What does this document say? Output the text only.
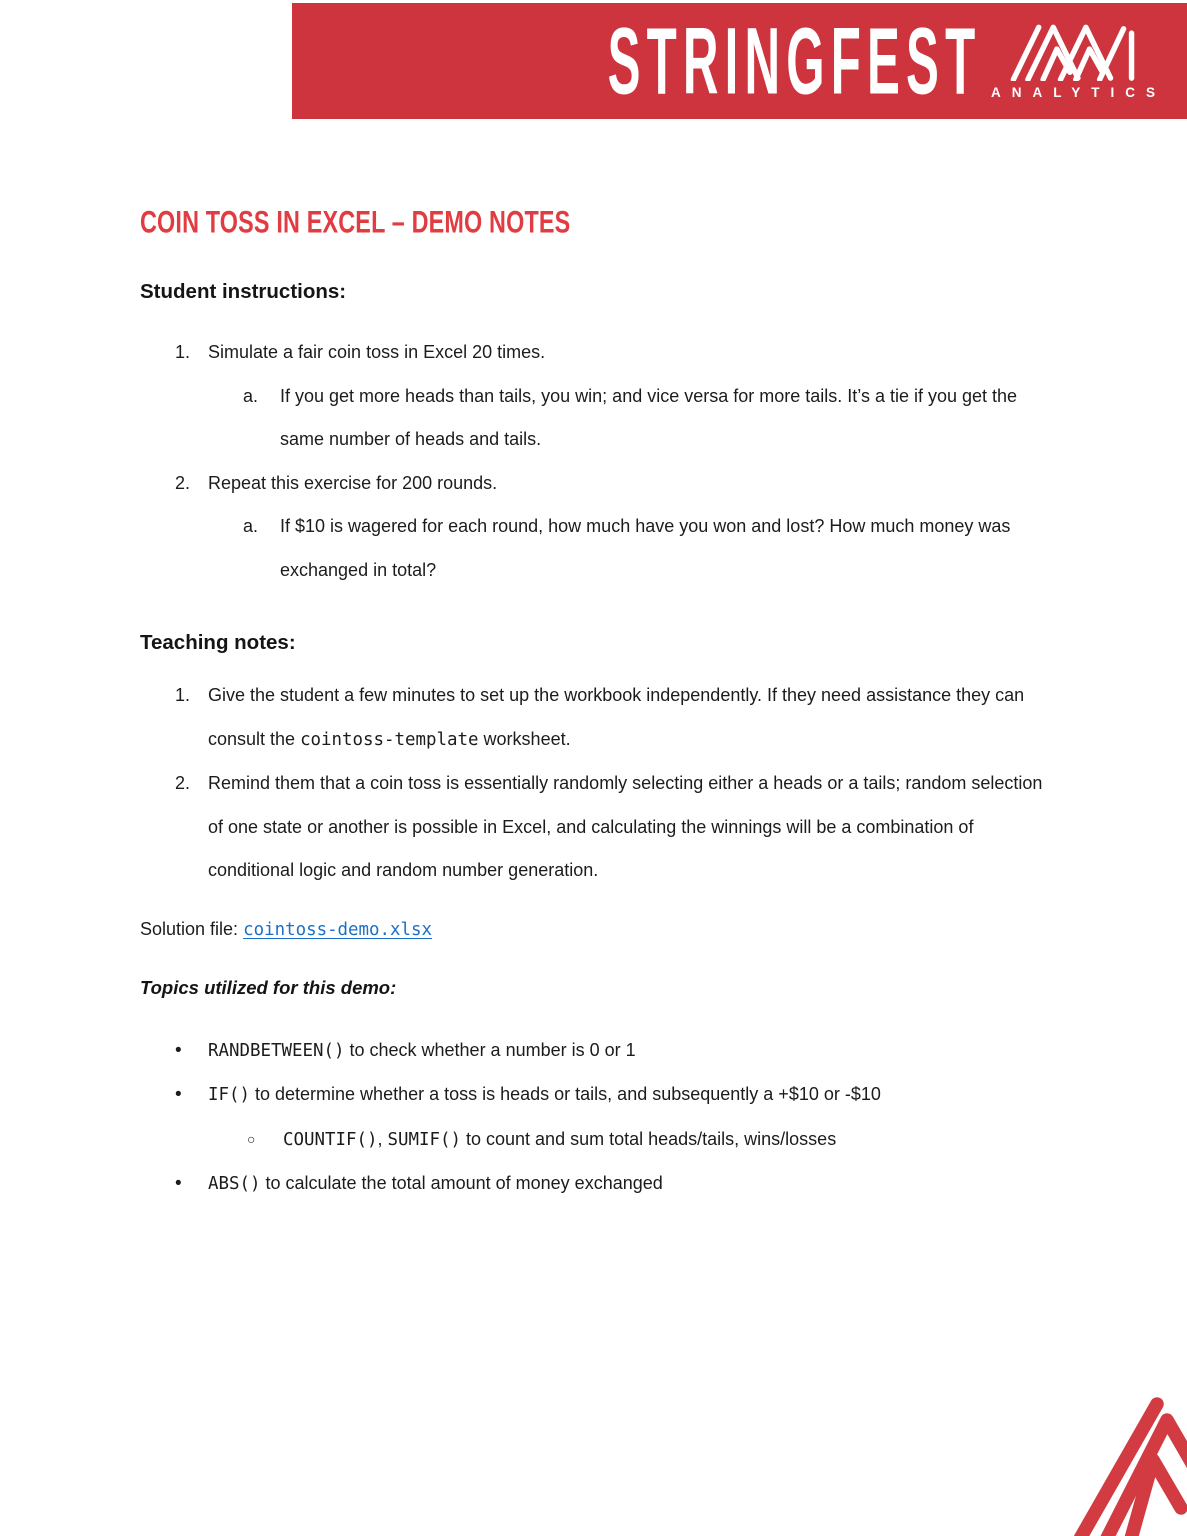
STRINGFEST ANALYTICS
COIN TOSS IN EXCEL – DEMO NOTES
Student instructions:
1. Simulate a fair coin toss in Excel 20 times.
a.	If you get more heads than tails, you win; and vice versa for more tails. It’s a tie if you get the same number of heads and tails.
2. Repeat this exercise for 200 rounds.
a.	If $10 is wagered for each round, how much have you won and lost? How much money was exchanged in total?
Teaching notes:
1. Give the student a few minutes to set up the workbook independently. If they need assistance they can consult the cointoss-template worksheet.
2. Remind them that a coin toss is essentially randomly selecting either a heads or a tails; random selection of one state or another is possible in Excel, and calculating the winnings will be a combination of conditional logic and random number generation.

Solution file: cointoss-demo.xlsx

Topics utilized for this demo:
•	RANDBETWEEN() to check whether a number is 0 or 1
•	IF() to determine whether a toss is heads or tails, and subsequently a +$10 or -$10
○	COUNTIF(), SUMIF() to count and sum total heads/tails, wins/losses
•	ABS() to calculate the total amount of money exchanged
